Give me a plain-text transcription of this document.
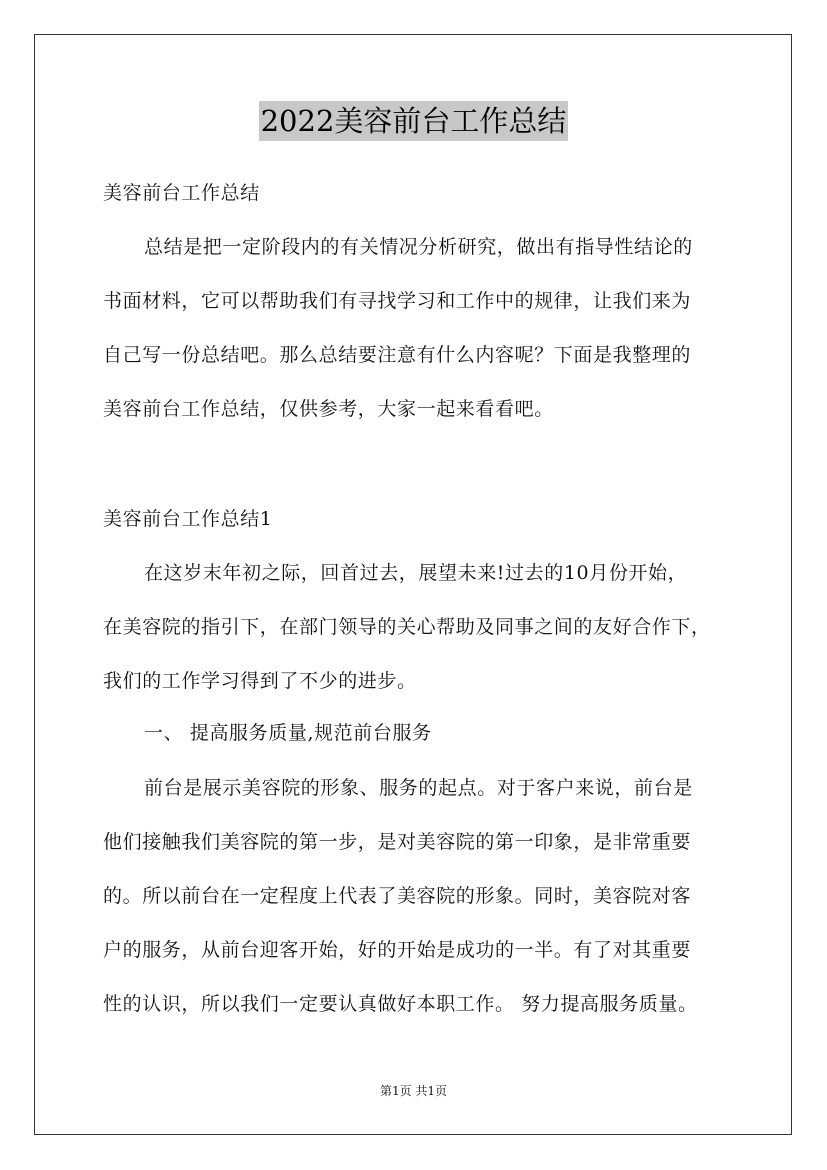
2022美容前台工作总结
美容前台工作总结
总结是把一定阶段内的有关情况分析研究，做出有指导性结论的
书面材料，它可以帮助我们有寻找学习和工作中的规律，让我们来为
自己写一份总结吧。那么总结要注意有什么内容呢？下面是我整理的
美容前台工作总结，仅供参考，大家一起来看看吧。
美容前台工作总结1
在这岁末年初之际，回首过去，展望未来!过去的10月份开始，
在美容院的指引下，在部门领导的关心帮助及同事之间的友好合作下，
我们的工作学习得到了不少的进步。
一、 提高服务质量,规范前台服务
前台是展示美容院的形象、服务的起点。对于客户来说，前台是
他们接触我们美容院的第一步，是对美容院的第一印象，是非常重要
的。所以前台在一定程度上代表了美容院的形象。同时，美容院对客
户的服务，从前台迎客开始，好的开始是成功的一半。有了对其重要
性的认识，所以我们一定要认真做好本职工作。 努力提高服务质量。
第1页 共1页
